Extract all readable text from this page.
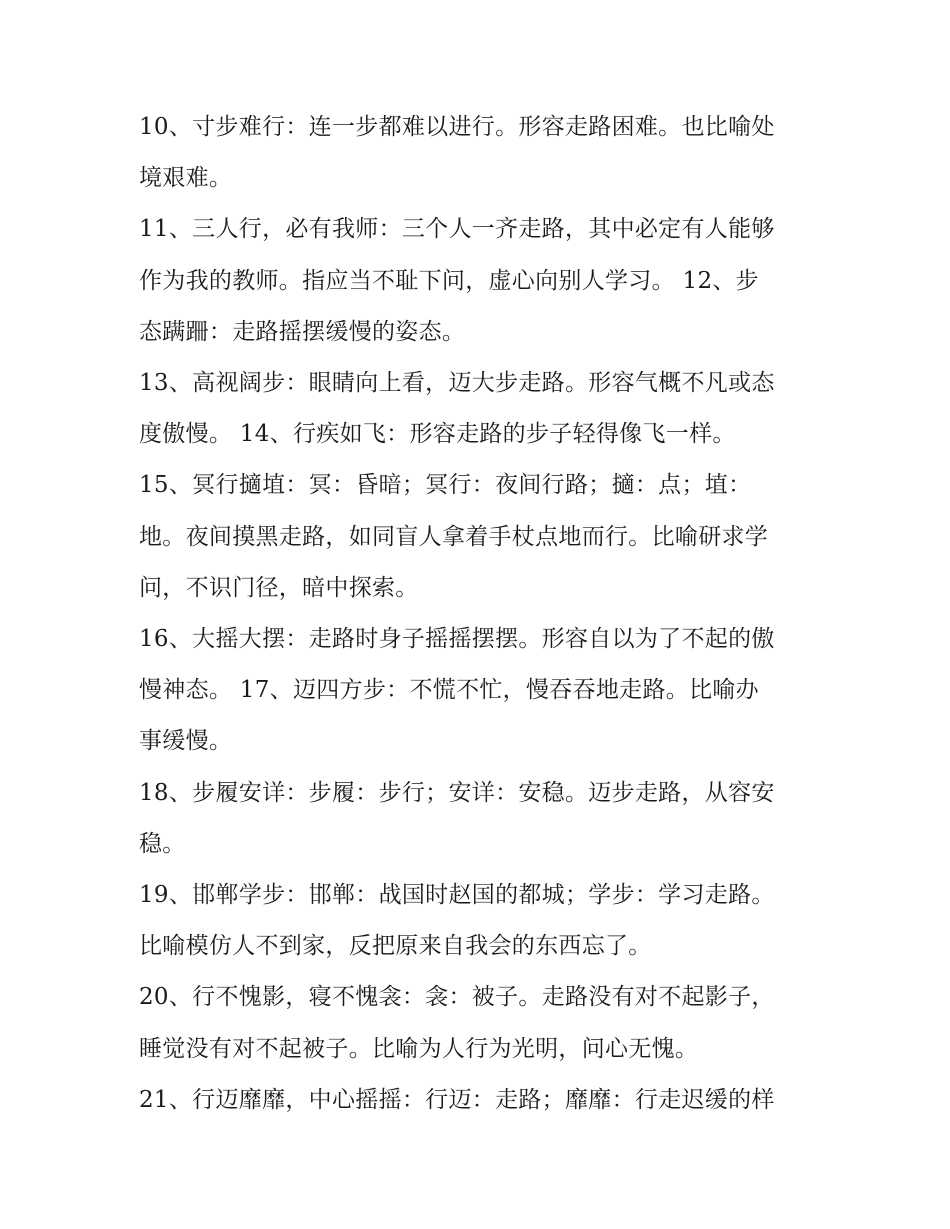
10、寸步难行：连一步都难以进行。形容走路困难。也比喻处
境艰难。

11、三人行，必有我师：三个人一齐走路，其中必定有人能够
作为我的教师。指应当不耻下问，虚心向别人学习。 12、步
态蹒跚：走路摇摆缓慢的姿态。

13、高视阔步：眼睛向上看，迈大步走路。形容气概不凡或态
度傲慢。 14、行疾如飞：形容走路的步子轻得像飞一样。

15、冥行擿埴：冥：昏暗；冥行：夜间行路；擿：点；埴：
地。夜间摸黑走路，如同盲人拿着手杖点地而行。比喻研求学
问，不识门径，暗中探索。

16、大摇大摆：走路时身子摇摇摆摆。形容自以为了不起的傲
慢神态。 17、迈四方步：不慌不忙，慢吞吞地走路。比喻办
事缓慢。

18、步履安详：步履：步行；安详：安稳。迈步走路，从容安
稳。

19、邯郸学步：邯郸：战国时赵国的都城；学步：学习走路。
比喻模仿人不到家，反把原来自我会的东西忘了。

20、行不愧影，寝不愧衾：衾：被子。走路没有对不起影子，
睡觉没有对不起被子。比喻为人行为光明，问心无愧。

21、行迈靡靡，中心摇摇：行迈：走路；靡靡：行走迟缓的样
